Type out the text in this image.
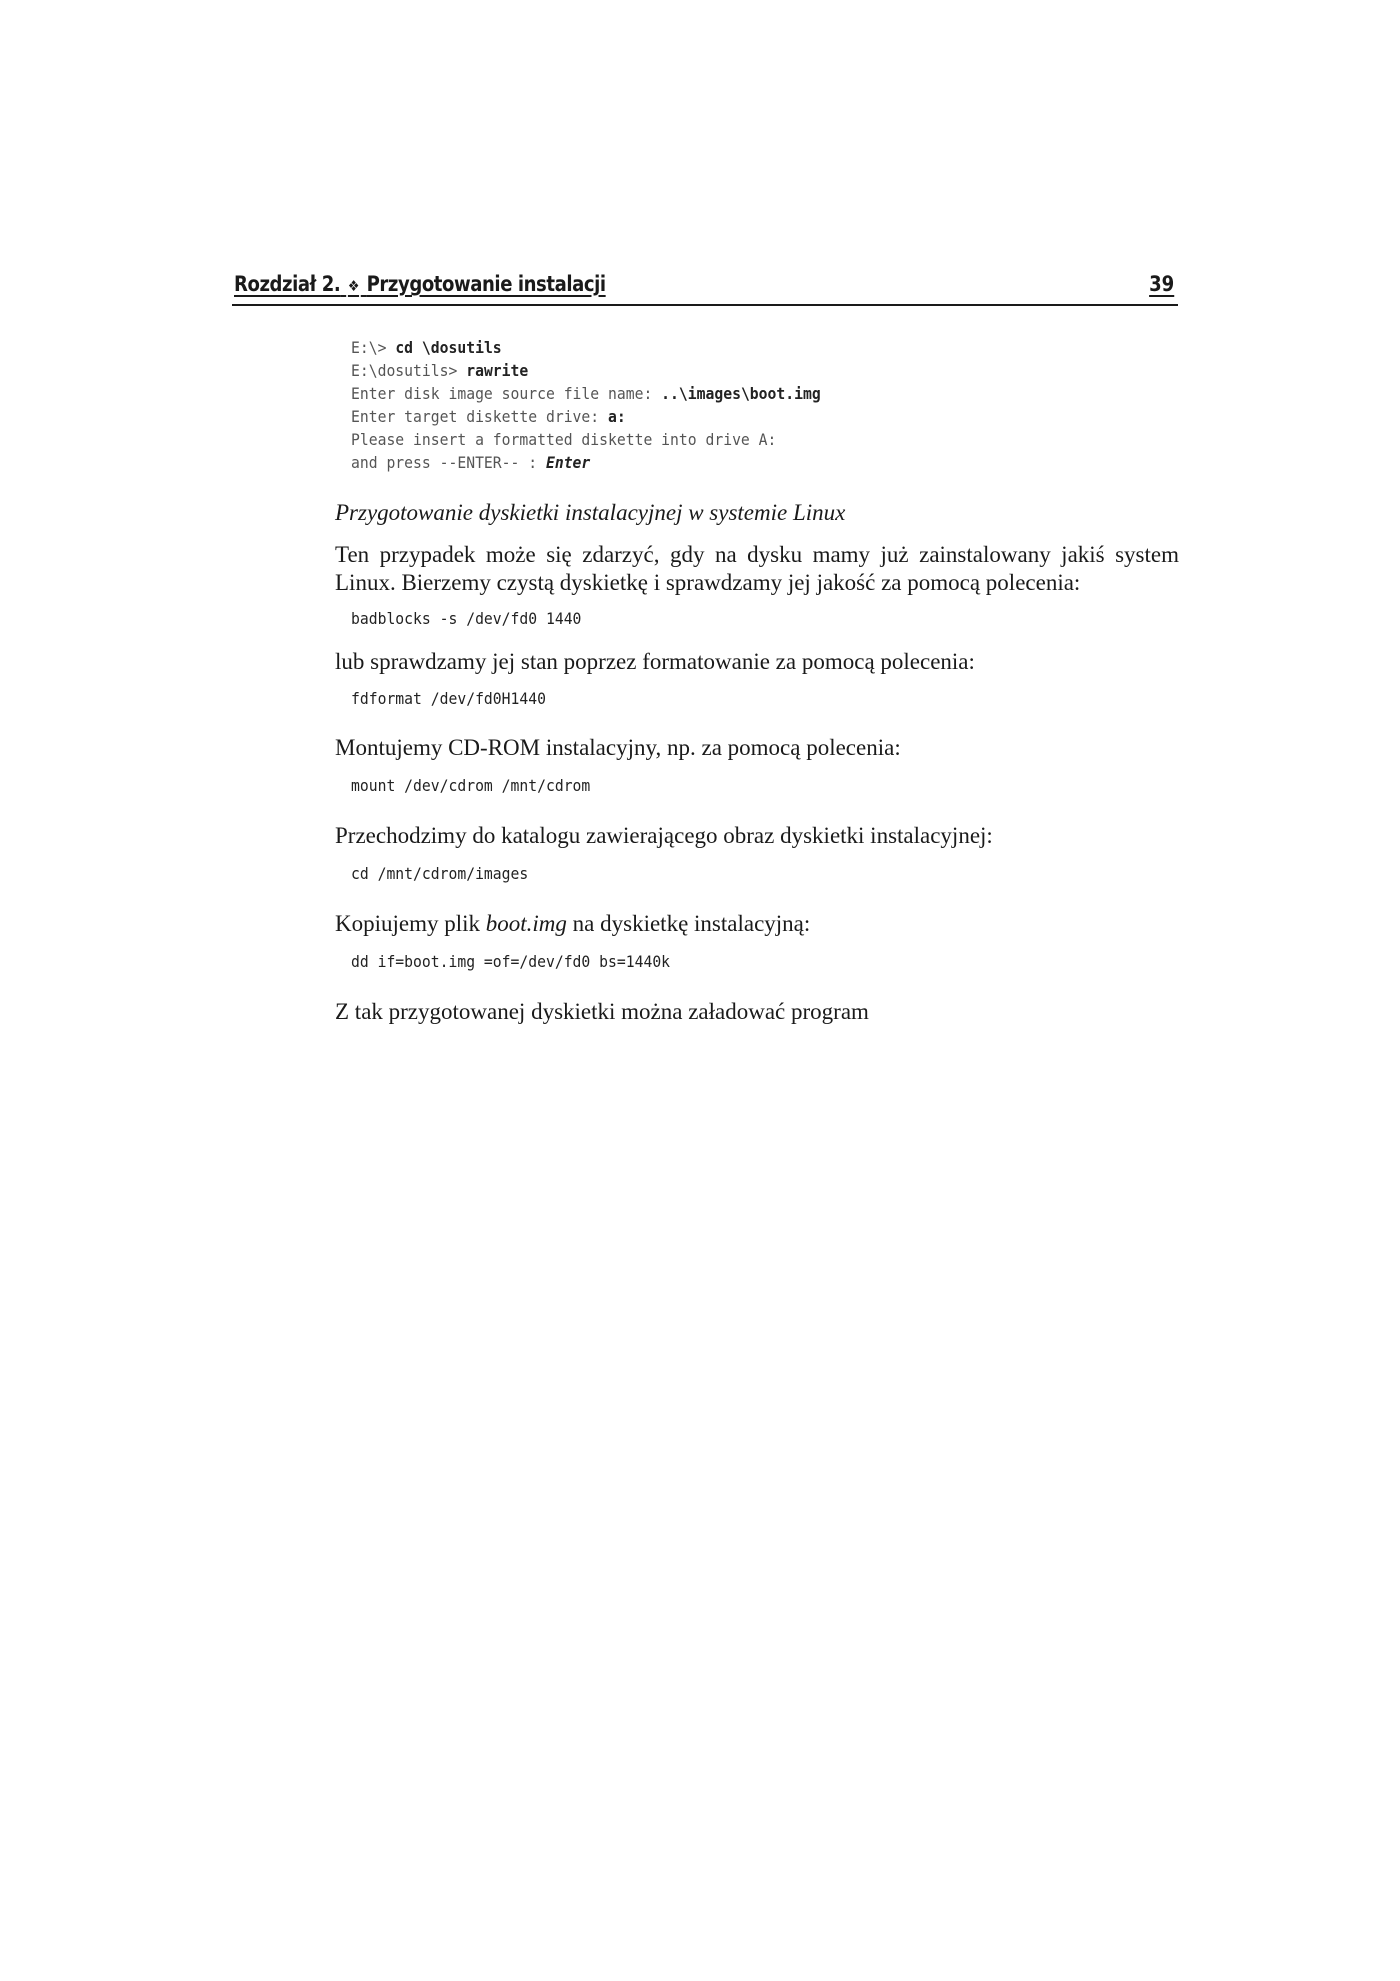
Rozdział 2. ❖ Przygotowanie instalacji	39
E:\> cd \dosutils
E:\dosutils> rawrite
Enter disk image source file name: ..\images\boot.img
Enter target diskette drive: a:
Please insert a formatted diskette into drive A:
and press --ENTER-- : Enter

Przygotowanie dyskietki instalacyjnej w systemie Linux

Ten przypadek może się zdarzyć, gdy na dysku mamy już zainstalowany jakiś system Linux. Bierzemy czystą dyskietkę i sprawdzamy jej jakość za pomocą polecenia:

badblocks -s /dev/fd0 1440

lub sprawdzamy jej stan poprzez formatowanie za pomocą polecenia:

fdformat /dev/fd0H1440

Montujemy CD-ROM instalacyjny, np. za pomocą polecenia:

mount /dev/cdrom /mnt/cdrom

Przechodzimy do katalogu zawierającego obraz dyskietki instalacyjnej:

cd /mnt/cdrom/images

Kopiujemy plik boot.img na dyskietkę instalacyjną:

dd if=boot.img =of=/dev/fd0 bs=1440k

Z tak przygotowanej dyskietki można załadować program
